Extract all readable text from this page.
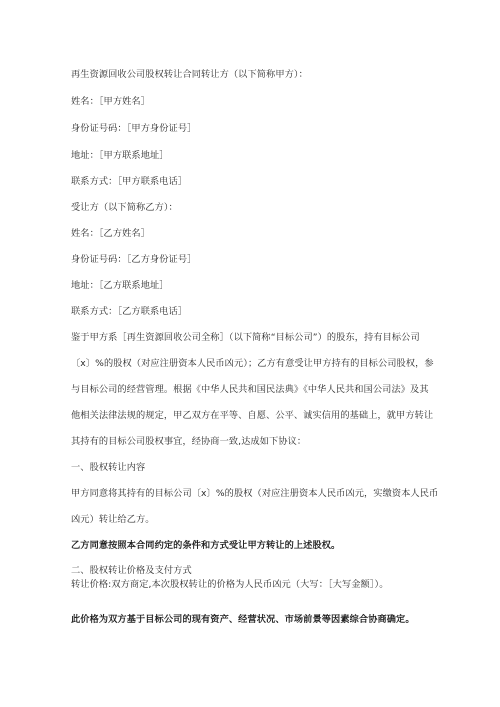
再生资源回收公司股权转让合同转让方（以下简称甲方）：

姓名：［甲方姓名］

身份证号码：［甲方身份证号］

地址：［甲方联系地址］

联系方式：［甲方联系电话］

受让方（以下简称乙方）：

姓名：［乙方姓名］

身份证号码：［乙方身份证号］

地址：［乙方联系地址］

联系方式：［乙方联系电话］

鉴于甲方系［再生资源回收公司全称］（以下简称“目标公司”）的股东，持有目标公司

〔x〕%的股权（对应注册资本人民币凶元）；乙方有意受让甲方持有的目标公司股权，参

与目标公司的经营管理。根据《中华人民共和国民法典》《中华人民共和国公司法》及其

他相关法律法规的规定，甲乙双方在平等、自愿、公平、诚实信用的基础上，就甲方转让

其持有的目标公司股权事宜，经协商一致,达成如下协议：

一、股权转让内容

甲方同意将其持有的目标公司〔x〕%的股权（对应注册资本人民币凶元，实缴资本人民币

凶元）转让给乙方。

乙方同意按照本合同约定的条件和方式受让甲方转让的上述股权。

二、股权转让价格及支付方式

转让价格:双方商定,本次股权转让的价格为人民币凶元（大写：［大写金额］）。

此价格为双方基于目标公司的现有资产、经营状况、市场前景等因素综合协商确定。
